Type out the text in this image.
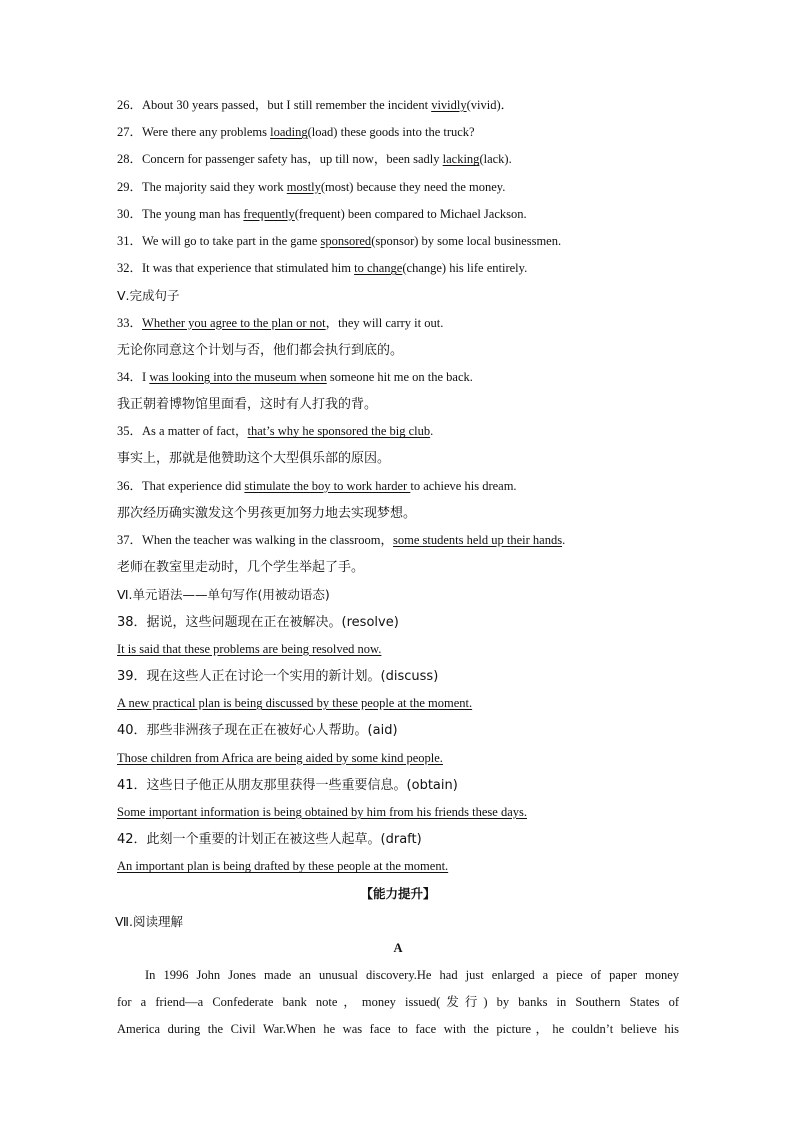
26．About 30 years passed，but I still remember the incident vividly(vivid)．
27．Were there any problems loading(load) these goods into the truck?
28．Concern for passenger safety has，up till now，been sadly lacking(lack).
29．The majority said they work mostly(most) because they need the money.
30．The young man has frequently(frequent) been compared to Michael Jackson.
31．We will go to take part in the game sponsored(sponsor) by some local businessmen.
32．It was that experience that stimulated him to change(change) his life entirely.
Ⅴ.完成句子
33．Whether you agree to the plan or not，they will carry it out.
无论你同意这个计划与否，他们都会执行到底的。
34．I was looking into the museum when someone hit me on the back.
我正朝着博物馆里面看，这时有人打我的背。
35．As a matter of fact，that’s why he sponsored the big club.
事实上，那就是他赞助这个大型俱乐部的原因。
36．That experience did stimulate the boy to work harder to achieve his dream.
那次经历确实激发这个男孩更加努力地去实现梦想。
37．When the teacher was walking in the classroom，some students held up their hands.
老师在教室里走动时，几个学生举起了手。
Ⅵ.单元语法——单句写作(用被动语态)
38．据说，这些问题现在正在被解决。(resolve)
It is said that these problems are being resolved now.
39．现在这些人正在讨论一个实用的新计划。(discuss)
A new practical plan is being discussed by these people at the moment.
40．那些非洲孩子现在正在被好心人帮助。(aid)
Those children from Africa are being aided by some kind people.
41．这些日子他正从朋友那里获得一些重要信息。(obtain)
Some important information is being obtained by him from his friends these days.
42．此刻一个重要的计划正在被这些人起草。(draft)
An important plan is being drafted by these people at the moment.
【能力提升】
Ⅶ.阅读理解
A
In 1996 John Jones made an unusual discovery.He had just enlarged a piece of paper money
for a friend—a Confederate bank note，money issued(发行) by banks in Southern States of
America during the Civil War.When he was face to face with the picture，he couldn’t believe his
